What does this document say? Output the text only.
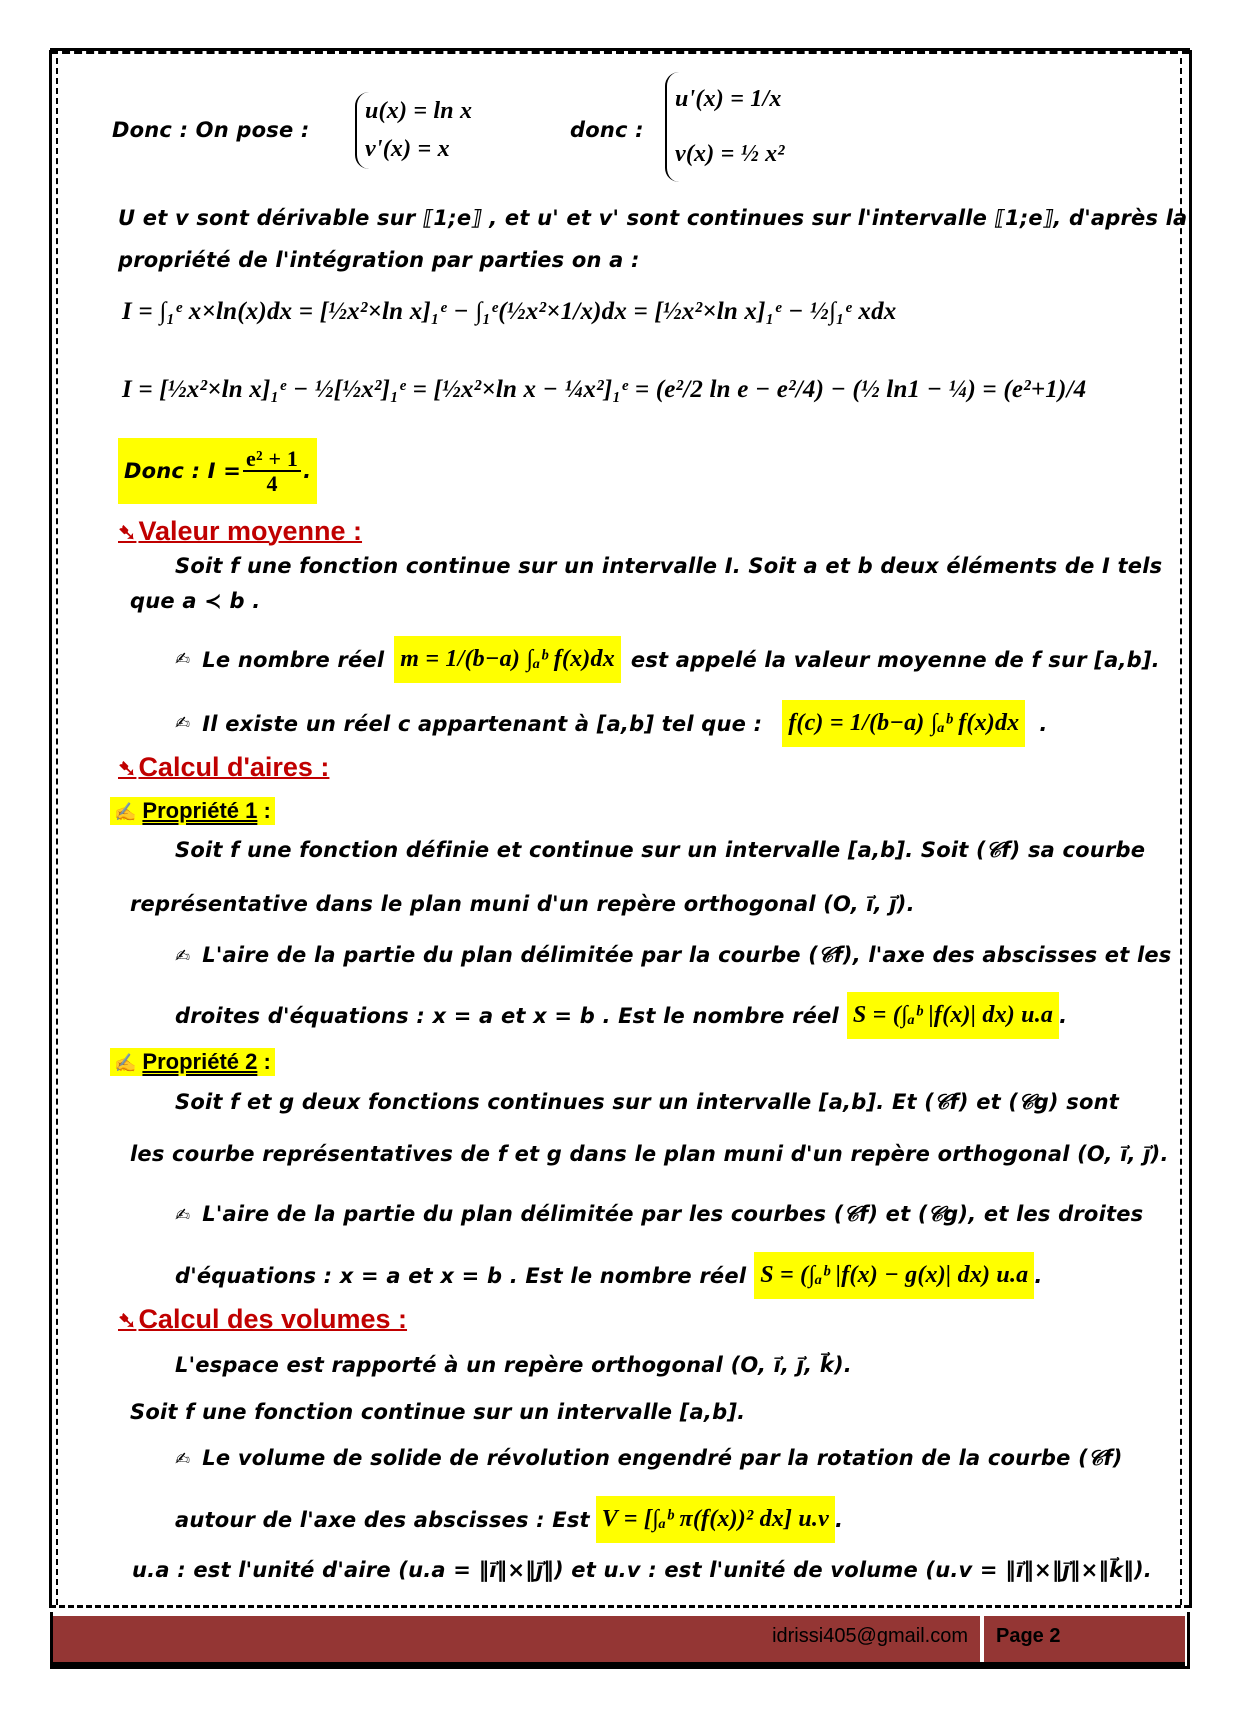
Donc : On pose :
u(x) = ln x
v'(x) = x
donc :
u'(x) = 1/x
v(x) = ½ x²
U et v sont dérivable sur ⟦1;e⟧ , et u' et v' sont continues sur l'intervalle ⟦1;e⟧, d'après la
propriété de l'intégration par parties on a :
I = ∫₁ᵉ x×ln(x)dx = [½x²×ln x]₁ᵉ − ∫₁ᵉ(½x²×1/x)dx = [½x²×ln x]₁ᵉ − ½∫₁ᵉ xdx
I = [½x²×ln x]₁ᵉ − ½[½x²]₁ᵉ = [½x²×ln x − ¼x²]₁ᵉ = (e²/2 ln e − e²/4) − (½ ln1 − ¼) = (e²+1)/4
Donc : $I = \frac{\text{e² + 1}}{4}$ .
➷Valeur moyenne :
Soit f une fonction continue sur un intervalle I. Soit a et b deux éléments de I tels
que a ≺ b .
✍ Le nombre réel m = 1/(b−a) ∫ₐᵇ f(x)dx est appelé la valeur moyenne de f sur [a,b].
✍ Il existe un réel c appartenant à [a,b] tel que : f(c) = 1/(b−a) ∫ₐᵇ f(x)dx .
➷Calcul d'aires :
✍ Propriété 1 :
Soit f une fonction définie et continue sur un intervalle [a,b]. Soit (𝒞f) sa courbe
représentative dans le plan muni d'un repère orthogonal (O, i⃗, j⃗).
✍ L'aire de la partie du plan délimitée par la courbe (𝒞f), l'axe des abscisses et les
droites d'équations : x = a et x = b . Est le nombre réel S = (∫ₐᵇ |f(x)| dx) u.a .
✍ Propriété 2 :
Soit f et g deux fonctions continues sur un intervalle [a,b]. Et (𝒞f) et (𝒞g) sont
les courbe représentatives de f et g dans le plan muni d'un repère orthogonal (O, i⃗, j⃗).
✍ L'aire de la partie du plan délimitée par les courbes (𝒞f) et (𝒞g), et les droites
d'équations : x = a et x = b . Est le nombre réel S = (∫ₐᵇ |f(x) − g(x)| dx) u.a .
➷Calcul des volumes :
L'espace est rapporté à un repère orthogonal (O, i⃗, j⃗, k⃗).
Soit f une fonction continue sur un intervalle [a,b].
✍ Le volume de solide de révolution engendré par la rotation de la courbe (𝒞f)
autour de l'axe des abscisses : Est V = [∫ₐᵇ π(f(x))² dx] u.v .
u.a : est l'unité d'aire (u.a = ‖i⃗‖×‖j⃗‖) et u.v : est l'unité de volume (u.v = ‖i⃗‖×‖j⃗‖×‖k⃗‖).
idrissi405@gmail.com Page 2
